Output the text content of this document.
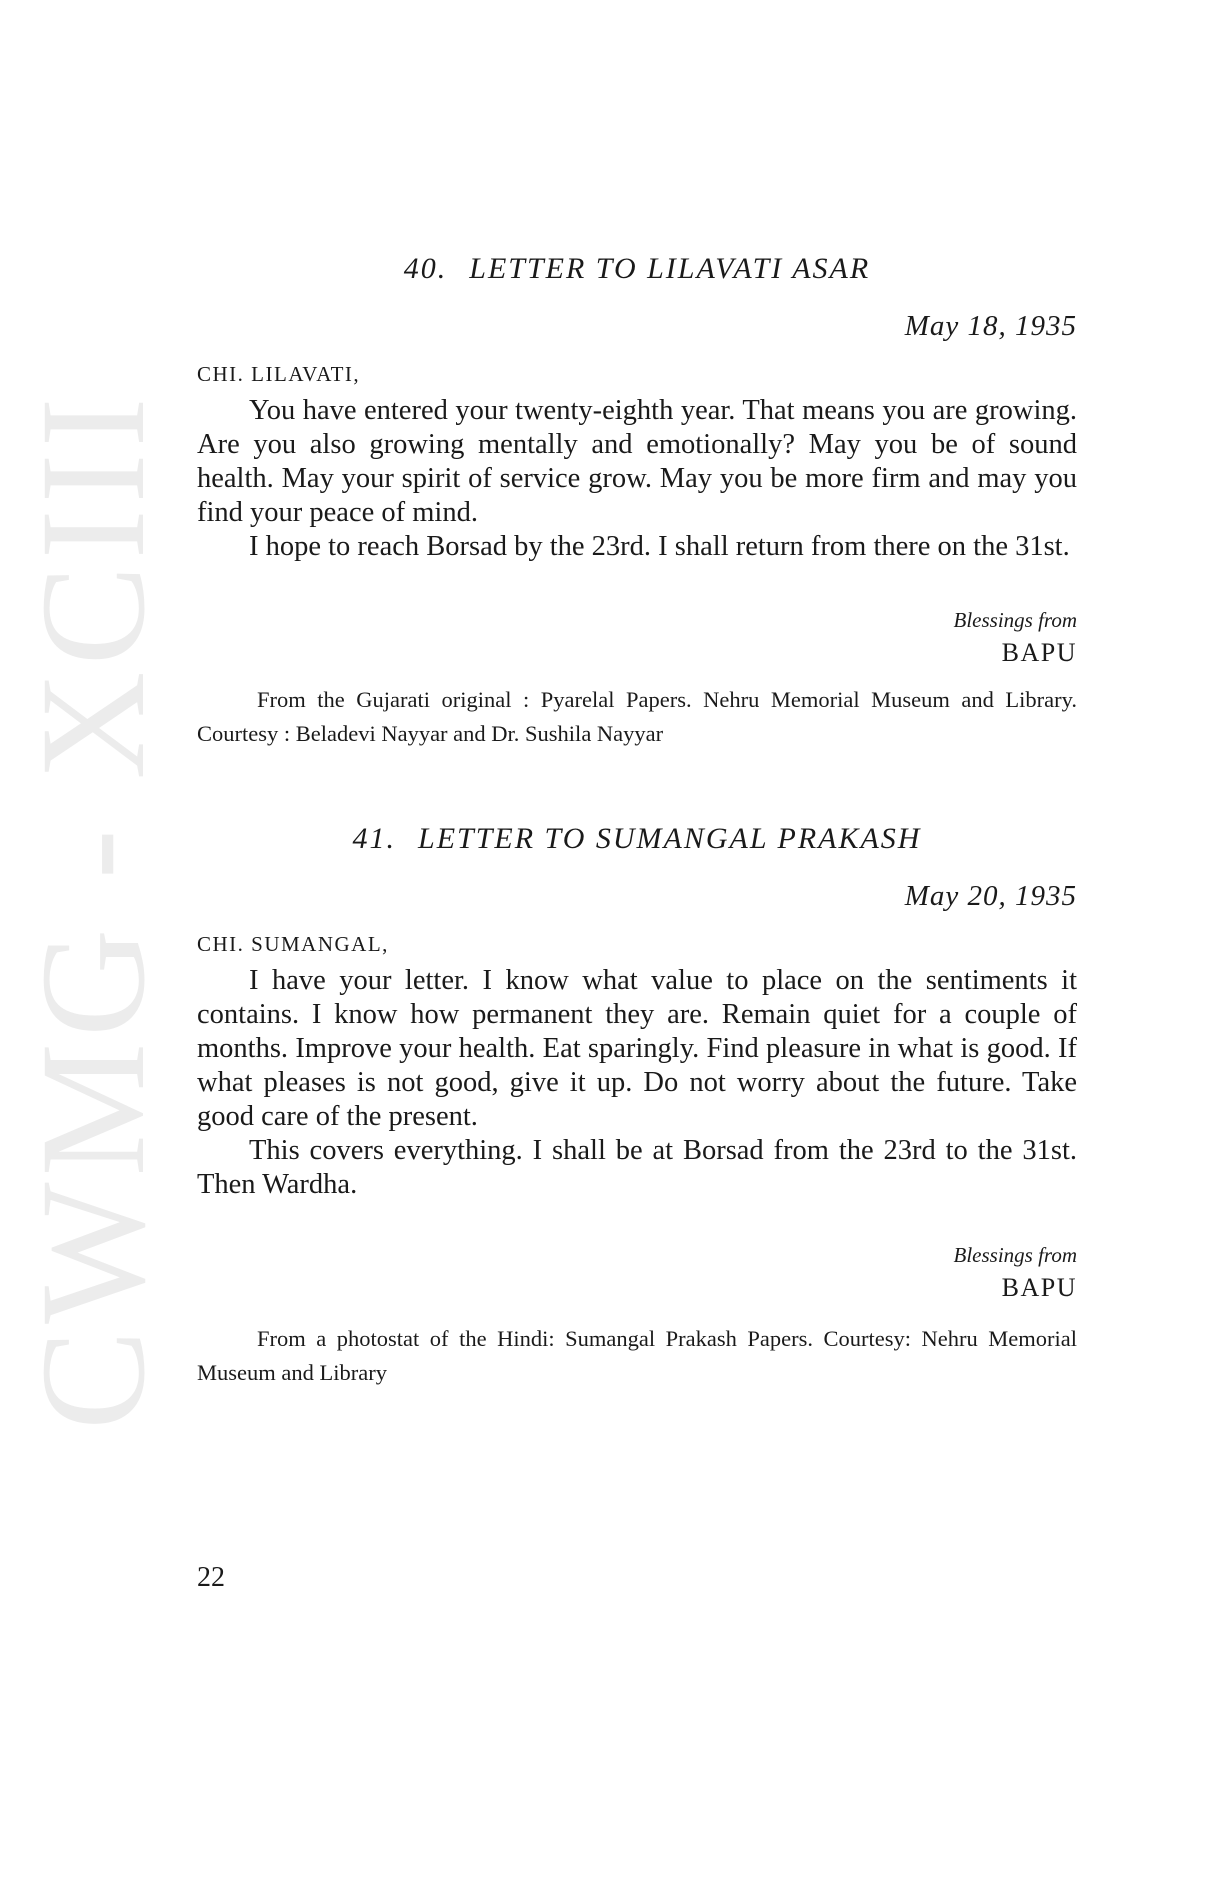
CWMG - XCIII
40. LETTER TO LILAVATI ASAR
May 18, 1935
CHI. LILAVATI,

You have entered your twenty-eighth year. That means you are growing. Are you also growing mentally and emotionally? May you be of sound health. May your spirit of service grow. May you be more firm and may you find your peace of mind.

I hope to reach Borsad by the 23rd. I shall return from there on the 31st.

Blessings from
BAPU

From the Gujarati original : Pyarelal Papers. Nehru Memorial Museum and Library. Courtesy : Beladevi Nayyar and Dr. Sushila Nayyar

41. LETTER TO SUMANGAL PRAKASH
May 20, 1935
CHI. SUMANGAL,

I have your letter. I know what value to place on the sentiments it contains. I know how permanent they are. Remain quiet for a couple of months. Improve your health. Eat sparingly. Find pleasure in what is good. If what pleases is not good, give it up. Do not worry about the future. Take good care of the present.

This covers everything. I shall be at Borsad from the 23rd to the 31st. Then Wardha.

Blessings from
BAPU

From a photostat of the Hindi: Sumangal Prakash Papers. Courtesy: Nehru Memorial Museum and Library

22
